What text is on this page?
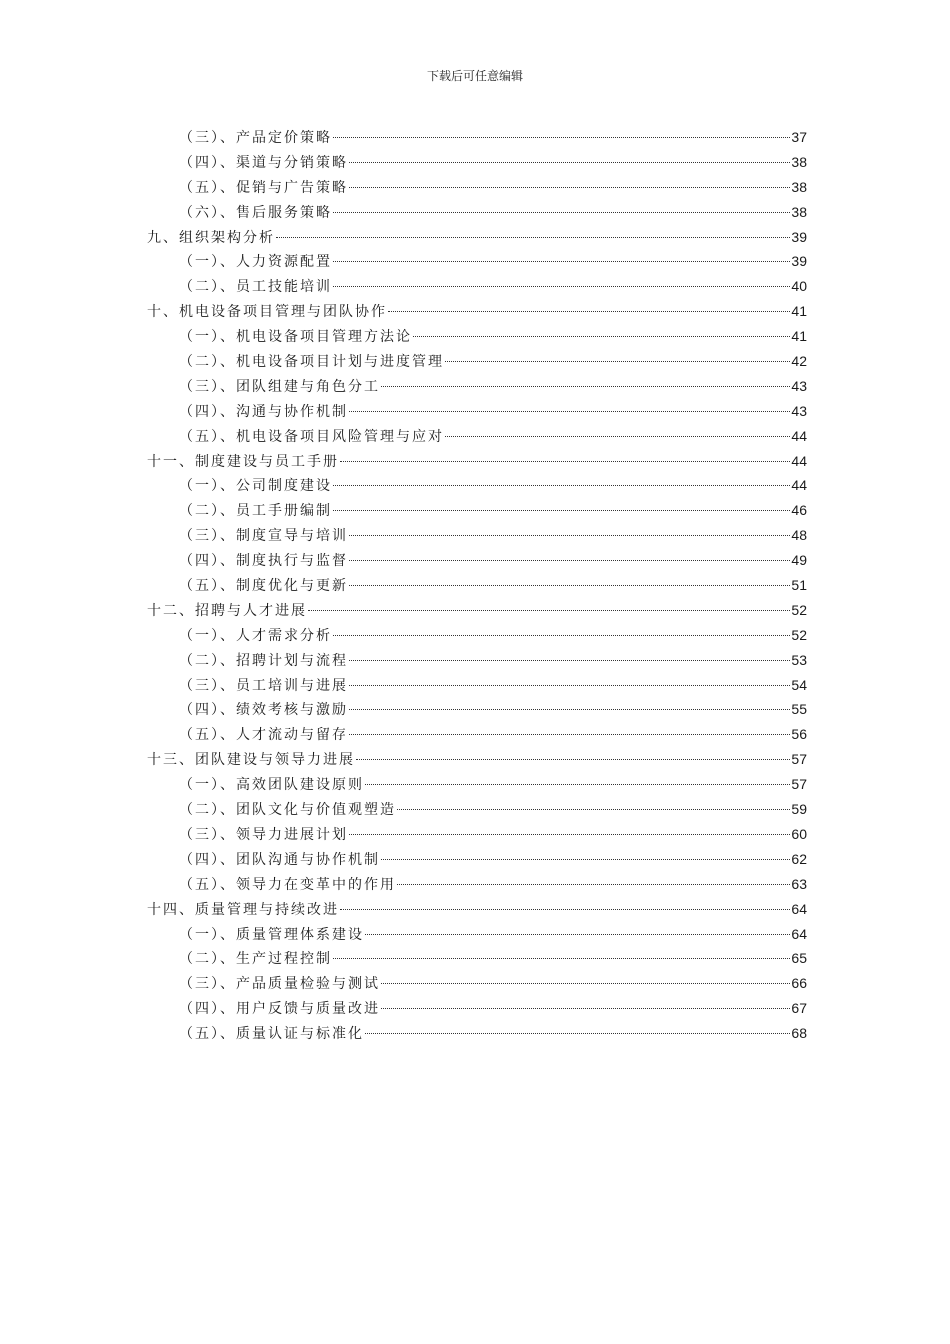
下载后可任意编辑
（三）、产品定价策略	37
（四）、渠道与分销策略	38
（五）、促销与广告策略	38
（六）、售后服务策略	38
九、组织架构分析	39
（一）、人力资源配置	39
（二）、员工技能培训	40
十、机电设备项目管理与团队协作	41
（一）、机电设备项目管理方法论	41
（二）、机电设备项目计划与进度管理	42
（三）、团队组建与角色分工	43
（四）、沟通与协作机制	43
（五）、机电设备项目风险管理与应对	44
十一、制度建设与员工手册	44
（一）、公司制度建设	44
（二）、员工手册编制	46
（三）、制度宣导与培训	48
（四）、制度执行与监督	49
（五）、制度优化与更新	51
十二、招聘与人才进展	52
（一）、人才需求分析	52
（二）、招聘计划与流程	53
（三）、员工培训与进展	54
（四）、绩效考核与激励	55
（五）、人才流动与留存	56
十三、团队建设与领导力进展	57
（一）、高效团队建设原则	57
（二）、团队文化与价值观塑造	59
（三）、领导力进展计划	60
（四）、团队沟通与协作机制	62
（五）、领导力在变革中的作用	63
十四、质量管理与持续改进	64
（一）、质量管理体系建设	64
（二）、生产过程控制	65
（三）、产品质量检验与测试	66
（四）、用户反馈与质量改进	67
（五）、质量认证与标准化	68
